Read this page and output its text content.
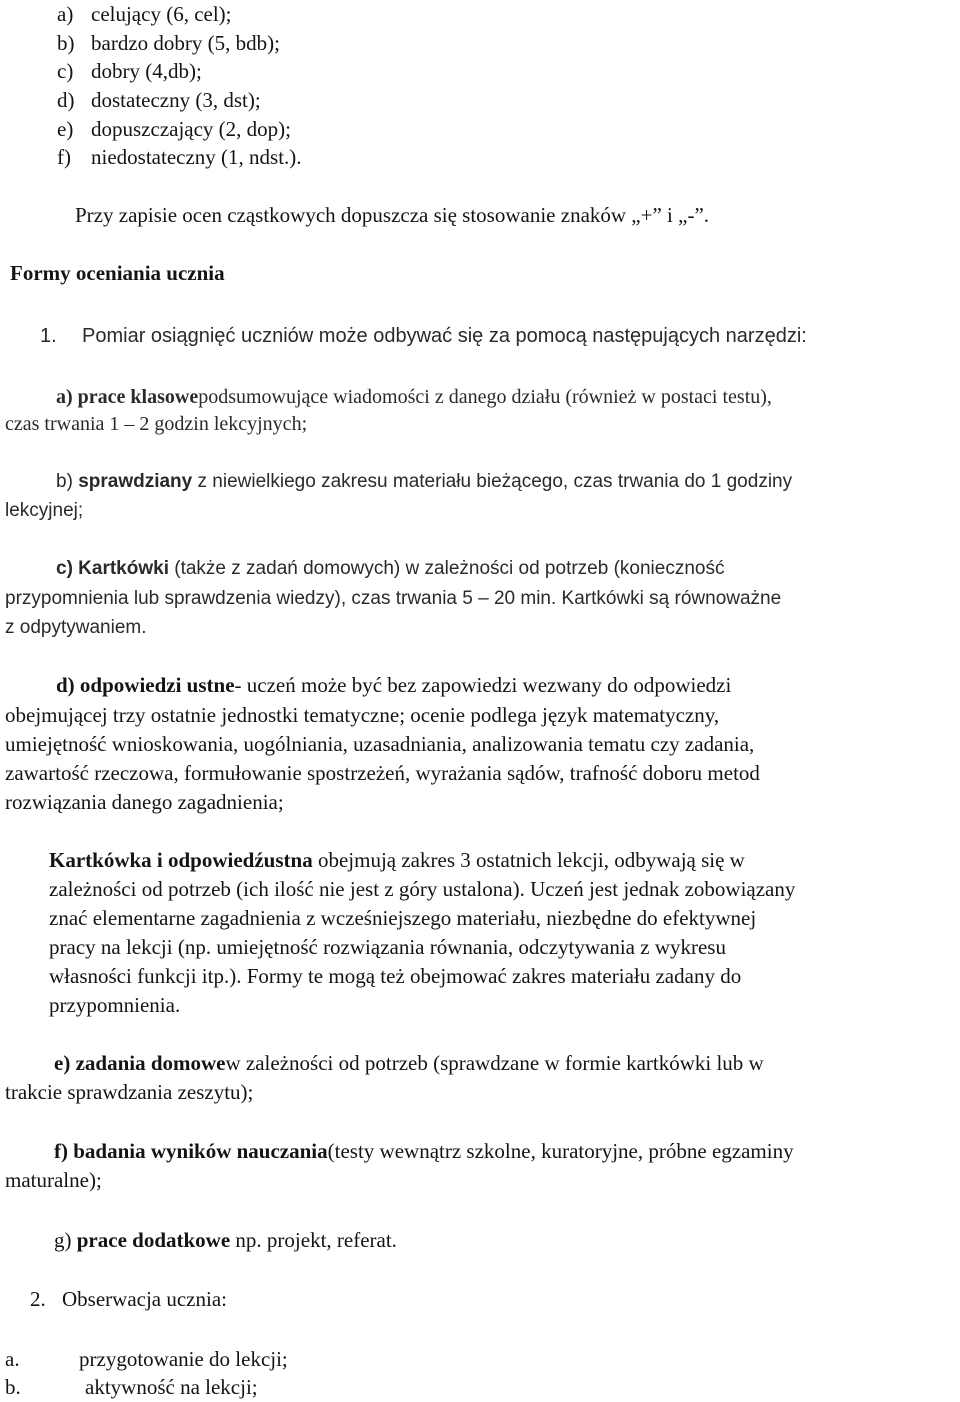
a) celujący (6, cel);
b) bardzo dobry (5, bdb);
c) dobry (4,db);
d) dostateczny (3, dst);
e) dopuszczający (2, dop);
f) niedostateczny (1, ndst.).
Przy zapisie ocen cząstkowych dopuszcza się stosowanie znaków „+” i „-”.
Formy oceniania ucznia
1. Pomiar osiągnięć uczniów może odbywać się za pomocą następujących narzędzi:
a) prace klasowepodsumowujące wiadomości z danego działu (również w postaci testu),
czas trwania 1 – 2 godzin lekcyjnych;
b) sprawdziany z niewielkiego zakresu materiału bieżącego, czas trwania do 1 godziny
lekcyjnej;
c) Kartkówki (także z zadań domowych) w zależności od potrzeb (konieczność
przypomnienia lub sprawdzenia wiedzy), czas trwania 5 – 20 min. Kartkówki są równoważne
z odpytywaniem.
d) odpowiedzi ustne- uczeń może być bez zapowiedzi wezwany do odpowiedzi
obejmującej trzy ostatnie jednostki tematyczne; ocenie podlega język matematyczny,
umiejętność wnioskowania, uogólniania, uzasadniania, analizowania tematu czy zadania,
zawartość rzeczowa, formułowanie spostrzeżeń, wyrażania sądów, trafność doboru metod
rozwiązania danego zagadnienia;
Kartkówka i odpowiedźustna obejmują zakres 3 ostatnich lekcji, odbywają się w
zależności od potrzeb (ich ilość nie jest z góry ustalona). Uczeń jest jednak zobowiązany
znać elementarne zagadnienia z wcześniejszego materiału, niezbędne do efektywnej
pracy na lekcji (np. umiejętność rozwiązania równania, odczytywania z wykresu
własności funkcji itp.). Formy te mogą też obejmować zakres materiału zadany do
przypomnienia.
e) zadania domowew zależności od potrzeb (sprawdzane w formie kartkówki lub w
trakcie sprawdzania zeszytu);
f) badania wyników nauczania(testy wewnątrz szkolne, kuratoryjne, próbne egzaminy
maturalne);
g) prace dodatkowe np. projekt, referat.
2. Obserwacja ucznia:
a.	przygotowanie do lekcji;
b.	aktywność na lekcji;
